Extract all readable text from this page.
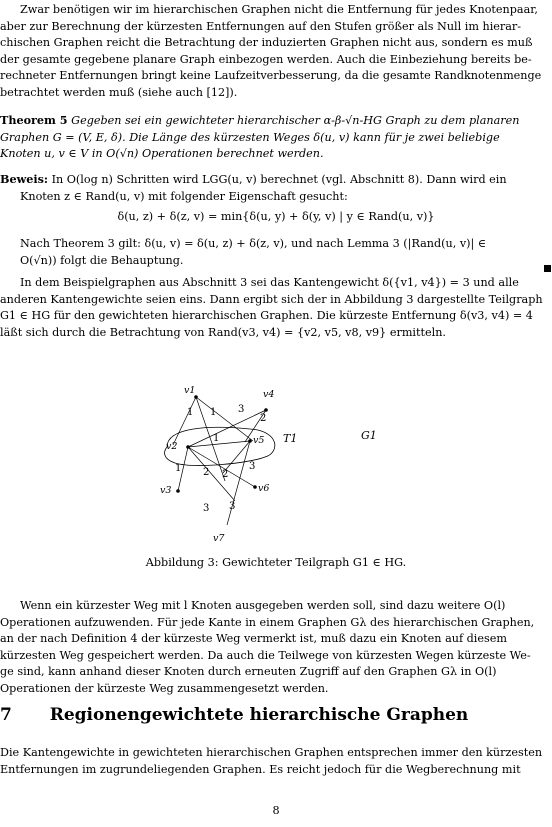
Zwar benötigen wir im hierarchischen Graphen nicht die Entfernung für jedes Knotenpaar,
aber zur Berechnung der kürzesten Entfernungen auf den Stufen größer als Null im hierar-
chischen Graphen reicht die Betrachtung der induzierten Graphen nicht aus, sondern es muß
der gesamte gegebene planare Graph einbezogen werden. Auch die Einbeziehung bereits be-
rechneter Entfernungen bringt keine Laufzeitverbesserung, da die gesamte Randknotenmenge
betrachtet werden muß (siehe auch [12]).
Theorem 5 Gegeben sei ein gewichteter hierarchischer α-β-√n-HG Graph zu dem planaren
Graphen G = (V, E, δ). Die Länge des kürzesten Weges δ(u, v) kann für je zwei beliebige
Knoten u, v ∈ V in O(√n) Operationen berechnet werden.
Beweis: In O(log n) Schritten wird LGG(u, v) berechnet (vgl. Abschnitt 8). Dann wird ein
Knoten z ∈ Rand(u, v) mit folgender Eigenschaft gesucht:
δ(u, z) + δ(z, v) = min{δ(u, y) + δ(y, v) | y ∈ Rand(u, v)}
Nach Theorem 3 gilt: δ(u, v) = δ(u, z) + δ(z, v), und nach Lemma 3 (|Rand(u, v)| ∈
O(√n)) folgt die Behauptung.
In dem Beispielgraphen aus Abschnitt 3 sei das Kantengewicht δ({v1, v4}) = 3 und alle
anderen Kantengewichte seien eins. Dann ergibt sich der in Abbildung 3 dargestellte Teilgraph
G1 ∈ HG für den gewichteten hierarchischen Graphen. Die kürzeste Entfernung δ(v3, v4) = 4
läßt sich durch die Betrachtung von Rand(v3, v4) = {v2, v5, v8, v9} ermitteln.
v1	v4
v2
v5
v3	v6
v7
1 1 3
2
1
1 2 2
3
3 3
T1	G1
Abbildung 3: Gewichteter Teilgraph G1 ∈ HG.
Wenn ein kürzester Weg mit l Knoten ausgegeben werden soll, sind dazu weitere O(l)
Operationen aufzuwenden. Für jede Kante in einem Graphen Gλ des hierarchischen Graphen,
an der nach Definition 4 der kürzeste Weg vermerkt ist, muß dazu ein Knoten auf diesem
kürzesten Weg gespeichert werden. Da auch die Teilwege von kürzesten Wegen kürzeste We-
ge sind, kann anhand dieser Knoten durch erneuten Zugriff auf den Graphen Gλ in O(l)
Operationen der kürzeste Weg zusammengesetzt werden.
7 Regionengewichtete hierarchische Graphen
Die Kantengewichte in gewichteten hierarchischen Graphen entsprechen immer den kürzesten
Entfernungen im zugrundeliegenden Graphen. Es reicht jedoch für die Wegberechnung mit
8
